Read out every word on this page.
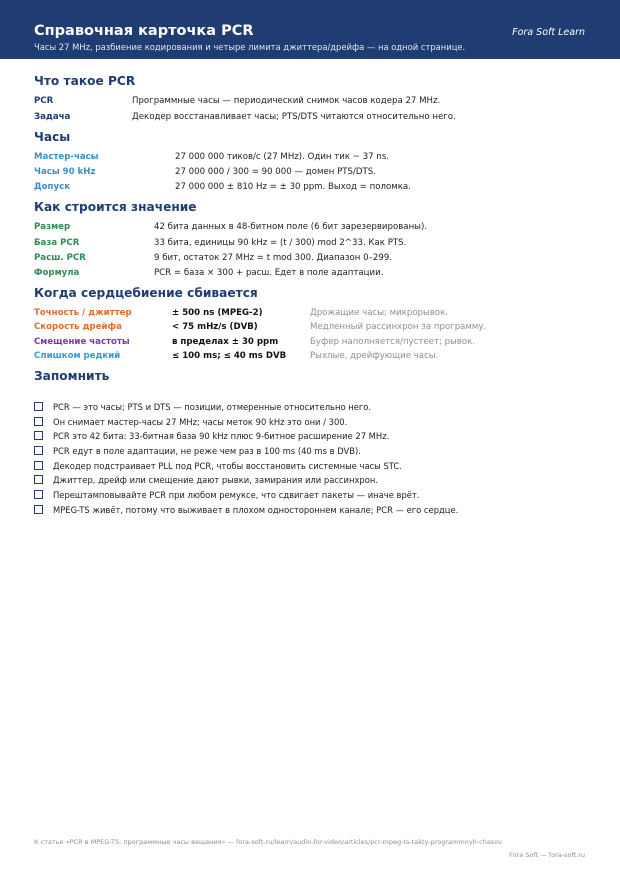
Справочная карточка PCR
Часы 27 MHz, разбиение кодирования и четыре лимита джиттера/дрейфа — на одной странице.
Fora Soft Learn
Что такое PCR
PCR	Программные часы — периодический снимок часов кодера 27 MHz.
Задача	Декодер восстанавливает часы; PTS/DTS читаются относительно него.
Часы
Мастер-часы	27 000 000 тиков/с (27 MHz). Один тик ~ 37 ns.
Часы 90 kHz	27 000 000 / 300 = 90 000 — домен PTS/DTS.
Допуск	27 000 000 ± 810 Hz = ± 30 ppm. Выход = поломка.
Как строится значение
Размер	42 бита данных в 48-битном поле (6 бит зарезервированы).
База PCR	33 бита, единицы 90 kHz = (t / 300) mod 2^33. Как PTS.
Расш. PCR	9 бит, остаток 27 MHz = t mod 300. Диапазон 0–299.
Формула	PCR = база × 300 + расш. Едет в поле адаптации.
Когда сердцебиение сбивается
Точность / джиттер	± 500 ns (MPEG-2)	Дрожащие часы; микрорывок.
Скорость дрейфа	< 75 mHz/s (DVB)	Медленный рассинхрон за программу.
Смещение частоты	в пределах ± 30 ppm	Буфер наполняется/пустеет; рывок.
Слишком редкий	≤ 100 ms; ≤ 40 ms DVB	Рыхлые, дрейфующие часы.
Запомнить
PCR — это часы; PTS и DTS — позиции, отмеренные относительно него.
Он снимает мастер-часы 27 MHz; часы меток 90 kHz это они / 300.
PCR это 42 бита: 33-битная база 90 kHz плюс 9-битное расширение 27 MHz.
PCR едут в поле адаптации, не реже чем раз в 100 ms (40 ms в DVB).
Декодер подстраивает PLL под PCR, чтобы восстановить системные часы STC.
Джиттер, дрейф или смещение дают рывки, замирания или рассинхрон.
Перештамповывайте PCR при любом ремуксе, что сдвигает пакеты — иначе врёт.
MPEG-TS живёт, потому что выживает в плохом одностороннем канале; PCR — его сердце.
К статье «PCR в MPEG-TS: программные часы вещания» — fora-soft.ru/learn/audio-for-video/articles/pcr-mpeg-ts-takty-programmnyh-chasov
Fora Soft — fora-soft.ru
